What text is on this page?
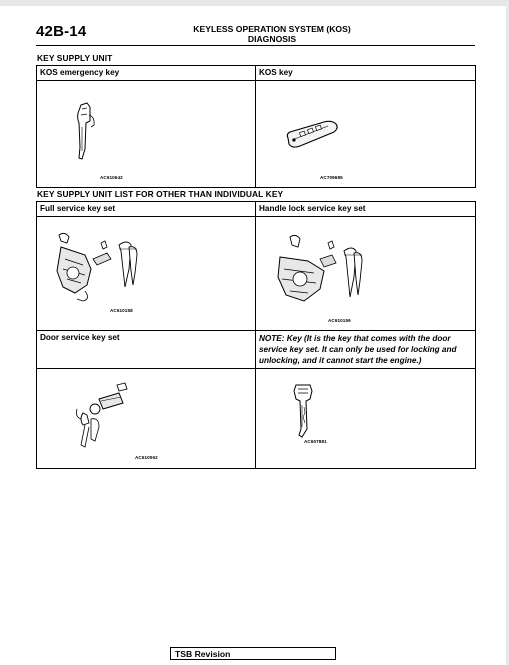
42B-14	KEYLESS OPERATION SYSTEM (KOS)
DIAGNOSIS
KEY SUPPLY UNIT
KOS emergency key	KOS key

AC610642	AC709685
KEY SUPPLY UNIT LIST FOR OTHER THAN INDIVIDUAL KEY
Full service key set	Handle lock service key set

AC610158	AC610159

Door service key set	NOTE: Key (It is the key that comes with the door service key set. It can only be used for locking and unlocking, and it cannot start the engine.)

AC610062	AC607881
TSB Revision
